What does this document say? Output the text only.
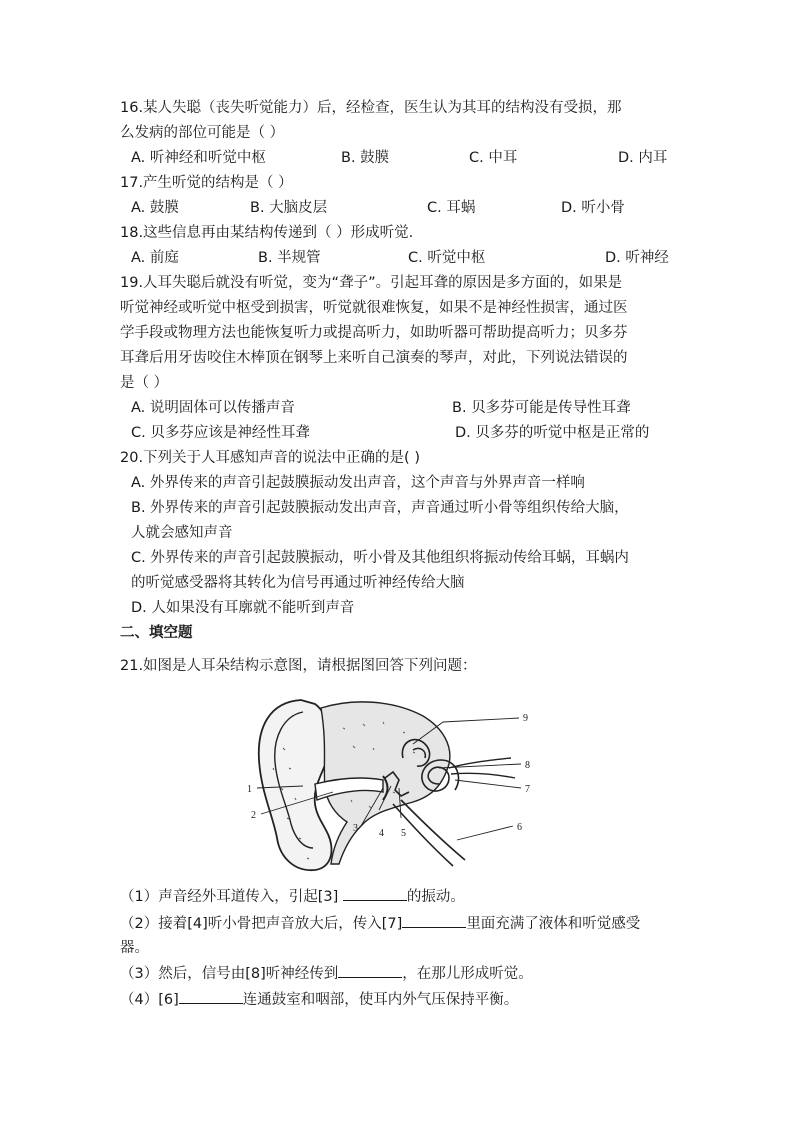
16.某人失聪（丧失听觉能力）后，经检查，医生认为其耳的结构没有受损，那
么发病的部位可能是（ ）
A. 听神经和听觉中枢	B. 鼓膜	C. 中耳	D. 内耳
17.产生听觉的结构是（ ）
A. 鼓膜	B. 大脑皮层	C. 耳蜗	D. 听小骨
18.这些信息再由某结构传递到（ ）形成听觉.
A. 前庭	B. 半规管	C. 听觉中枢	D. 听神经
19.人耳失聪后就没有听觉，变为“聋子”。引起耳聋的原因是多方面的，如果是
听觉神经或听觉中枢受到损害，听觉就很难恢复，如果不是神经性损害，通过医
学手段或物理方法也能恢复听力或提高听力，如助听器可帮助提高听力；贝多芬
耳聋后用牙齿咬住木棒顶在钢琴上来听自己演奏的琴声，对此，下列说法错误的
是（ ）
A. 说明固体可以传播声音	B. 贝多芬可能是传导性耳聋
C. 贝多芬应该是神经性耳聋	D. 贝多芬的听觉中枢是正常的
20.下列关于人耳感知声音的说法中正确的是( )
A. 外界传来的声音引起鼓膜振动发出声音，这个声音与外界声音一样响
B. 外界传来的声音引起鼓膜振动发出声音，声音通过听小骨等组织传给大脑，
人就会感知声音
C. 外界传来的声音引起鼓膜振动，听小骨及其他组织将振动传给耳蜗，耳蜗内
的听觉感受器将其转化为信号再通过听神经传给大脑
D. 人如果没有耳廓就不能听到声音
二、填空题
21.如图是人耳朵结构示意图，请根据图回答下列问题：
1
2
3 4 5
6
7
8
9
（1）声音经外耳道传入，引起[3]	的振动。
（2）接着[4]听小骨把声音放大后，传入[7]	里面充满了液体和听觉感受
器。
（3）然后，信号由[8]听神经传到	，在那儿形成听觉。
（4）[6]	连通鼓室和咽部，使耳内外气压保持平衡。
